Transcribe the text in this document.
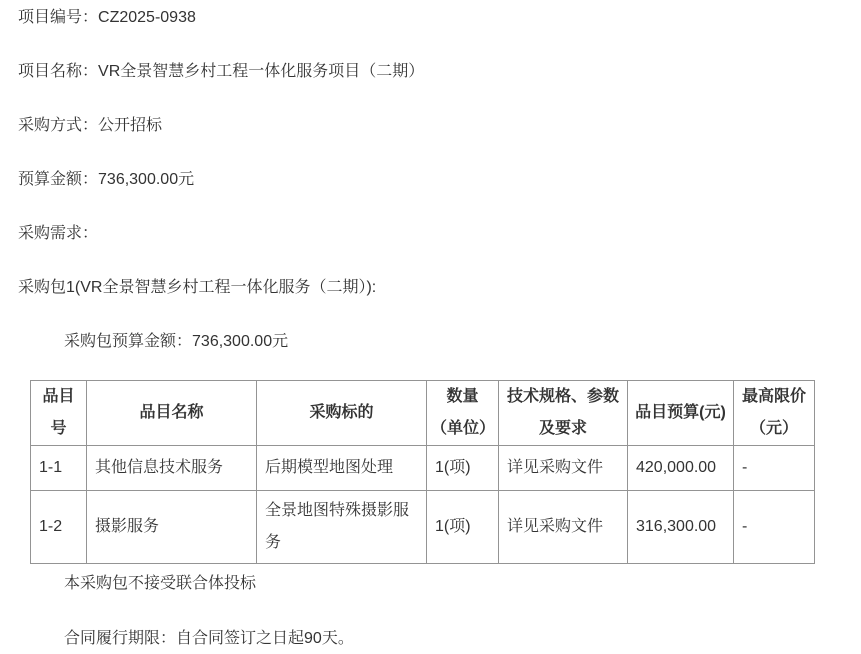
项目编号：CZ2025-0938

项目名称：VR全景智慧乡村工程一体化服务项目（二期）

采购方式：公开招标

预算金额：736,300.00元

采购需求：

采购包1(VR全景智慧乡村工程一体化服务（二期）):

采购包预算金额：736,300.00元

品目号	品目名称	采购标的	数量（单位）	技术规格、参数及要求	品目预算(元)	最高限价（元）
1-1	其他信息技术服务	后期模型地图处理	1(项)	详见采购文件	420,000.00	-
1-2	摄影服务	全景地图特殊摄影服务	1(项)	详见采购文件	316,300.00	-

本采购包不接受联合体投标

合同履行期限：自合同签订之日起90天。
